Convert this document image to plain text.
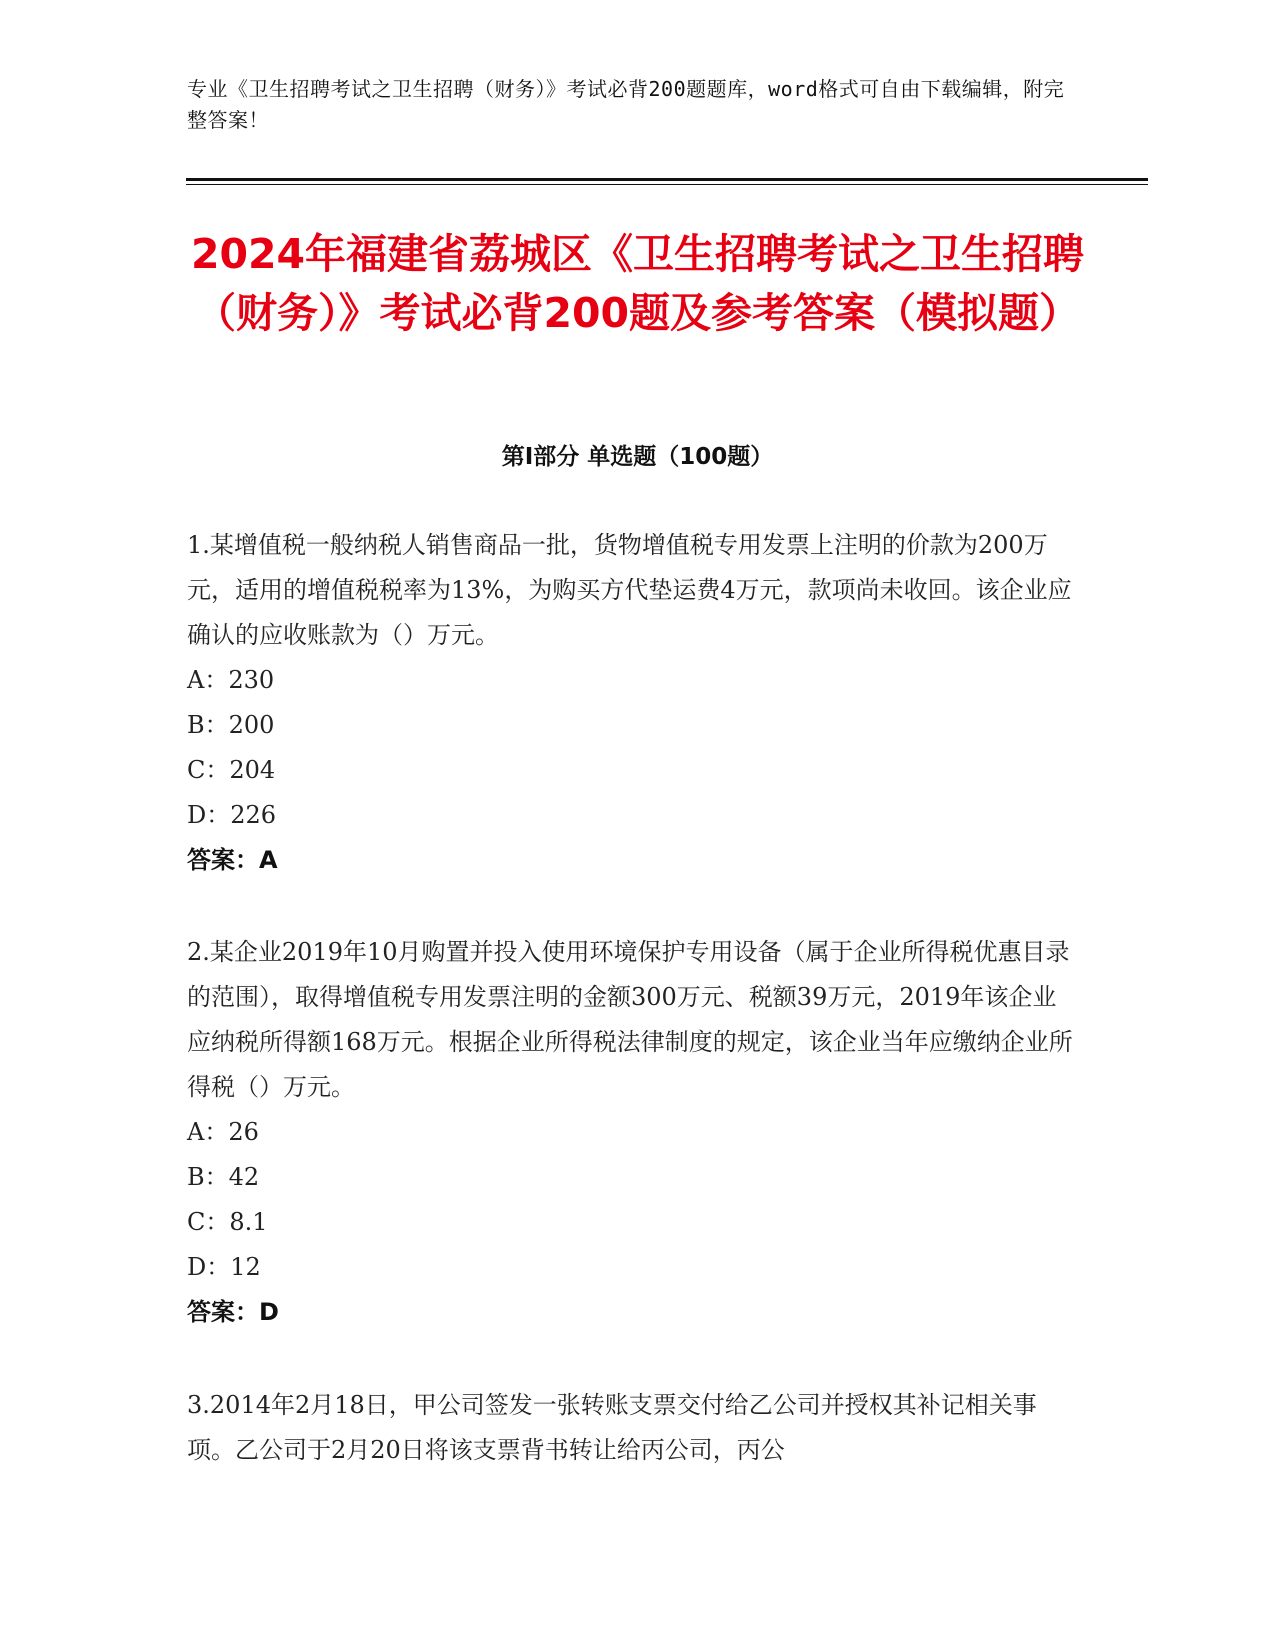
专业《卫生招聘考试之卫生招聘（财务）》考试必背200题题库，word格式可自由下载编辑，附完整答案！
2024年福建省荔城区《卫生招聘考试之卫生招聘（财务）》考试必背200题及参考答案（模拟题）
第Ⅰ部分 单选题（100题）

1.某增值税一般纳税人销售商品一批，货物增值税专用发票上注明的价款为200万元，适用的增值税税率为13%，为购买方代垫运费4万元，款项尚未收回。该企业应确认的应收账款为（）万元。

A：230

B：200

C：204

D：226

答案：A

2.某企业2019年10月购置并投入使用环境保护专用设备（属于企业所得税优惠目录的范围），取得增值税专用发票注明的金额300万元、税额39万元，2019年该企业应纳税所得额168万元。根据企业所得税法律制度的规定，该企业当年应缴纳企业所得税（）万元。

A：26

B：42

C：8.1

D：12

答案：D

3.2014年2月18日，甲公司签发一张转账支票交付给乙公司并授权其补记相关事项。乙公司于2月20日将该支票背书转让给丙公司，丙公
